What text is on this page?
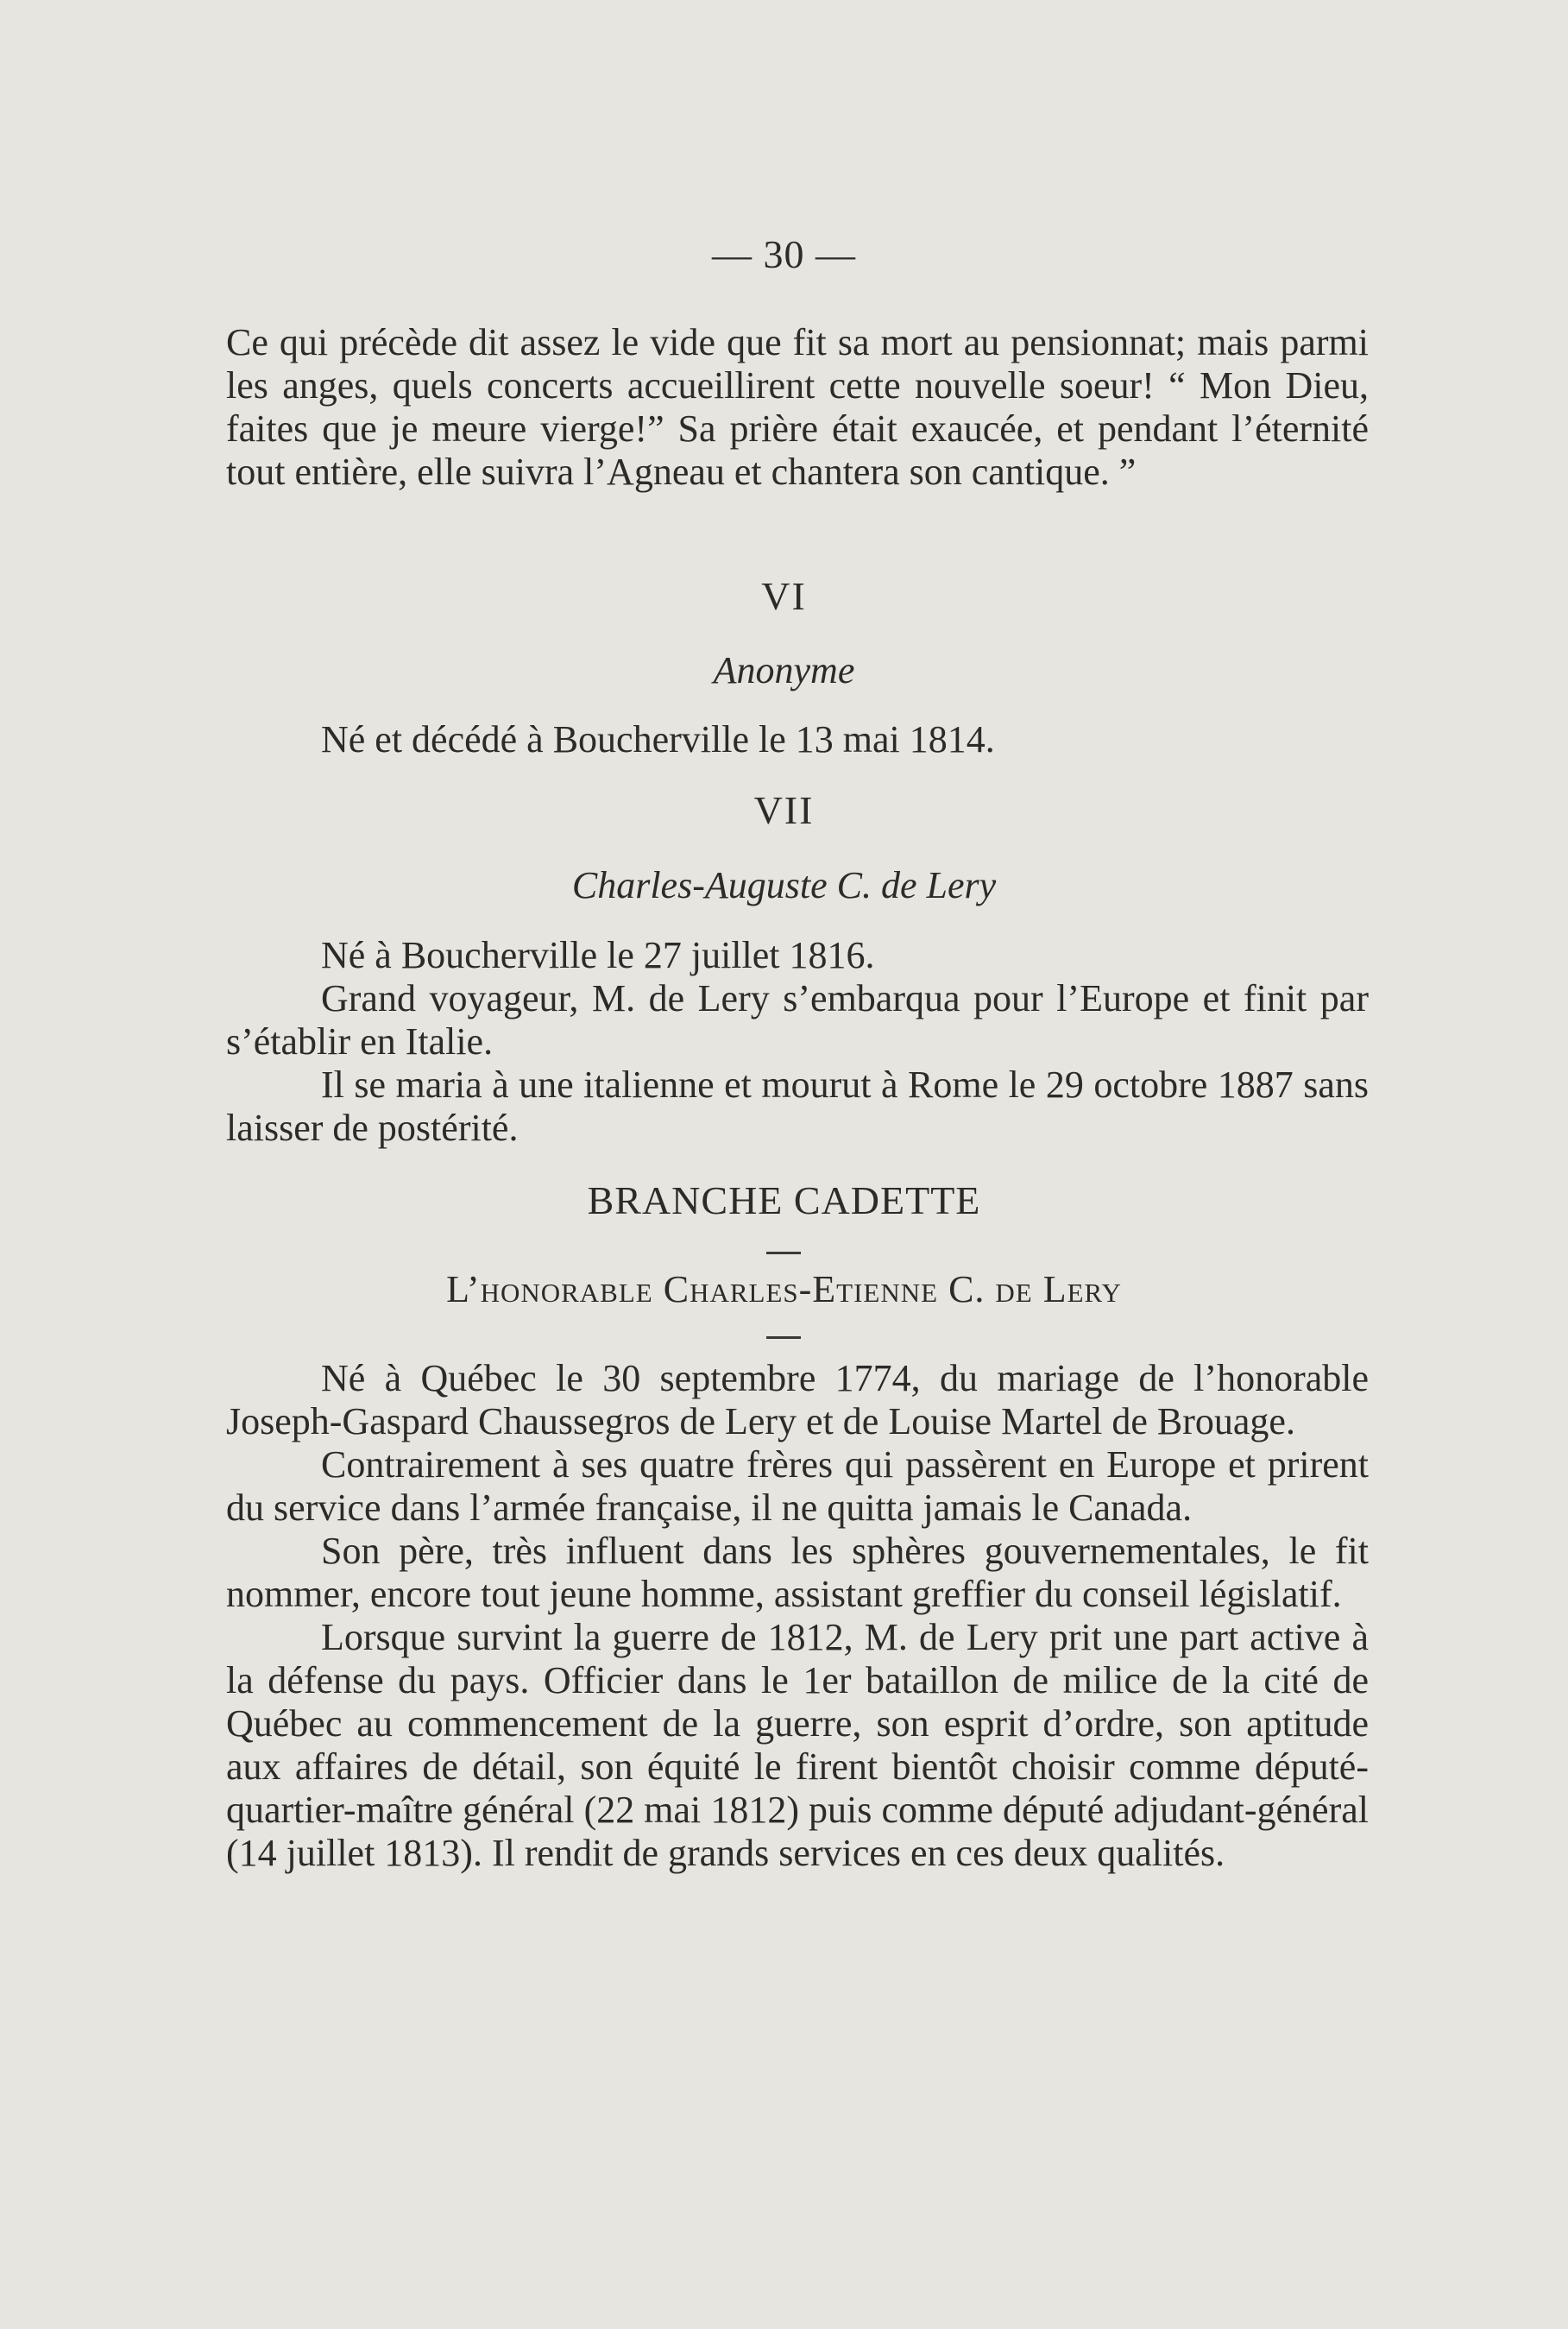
— 30 —

Ce qui précède dit assez le vide que fit sa mort au pensionnat; mais parmi les anges, quels concerts accueillirent cette nouvelle soeur! “ Mon Dieu, faites que je meure vierge!” Sa prière était exaucée, et pendant l’éternité tout entière, elle suivra l’Agneau et chantera son cantique. ”

VI

Anonyme

Né et décédé à Boucherville le 13 mai 1814.

VII

Charles-Auguste C. de Lery

Né à Boucherville le 27 juillet 1816.

Grand voyageur, M. de Lery s’embarqua pour l’Europe et finit par s’établir en Italie.

Il se maria à une italienne et mourut à Rome le 29 octobre 1887 sans laisser de postérité.

BRANCHE CADETTE

L’honorable Charles-Etienne C. de Lery

Né à Québec le 30 septembre 1774, du mariage de l’honorable Joseph-Gaspard Chaussegros de Lery et de Louise Martel de Brouage.

Contrairement à ses quatre frères qui passèrent en Europe et prirent du service dans l’armée française, il ne quitta jamais le Canada.

Son père, très influent dans les sphères gouvernementales, le fit nommer, encore tout jeune homme, assistant greffier du conseil législatif.

Lorsque survint la guerre de 1812, M. de Lery prit une part active à la défense du pays. Officier dans le 1er bataillon de milice de la cité de Québec au commencement de la guerre, son esprit d’ordre, son aptitude aux affaires de détail, son équité le firent bientôt choisir comme député-quartier-maître général (22 mai 1812) puis comme député adjudant-général (14 juillet 1813). Il rendit de grands services en ces deux qualités.
